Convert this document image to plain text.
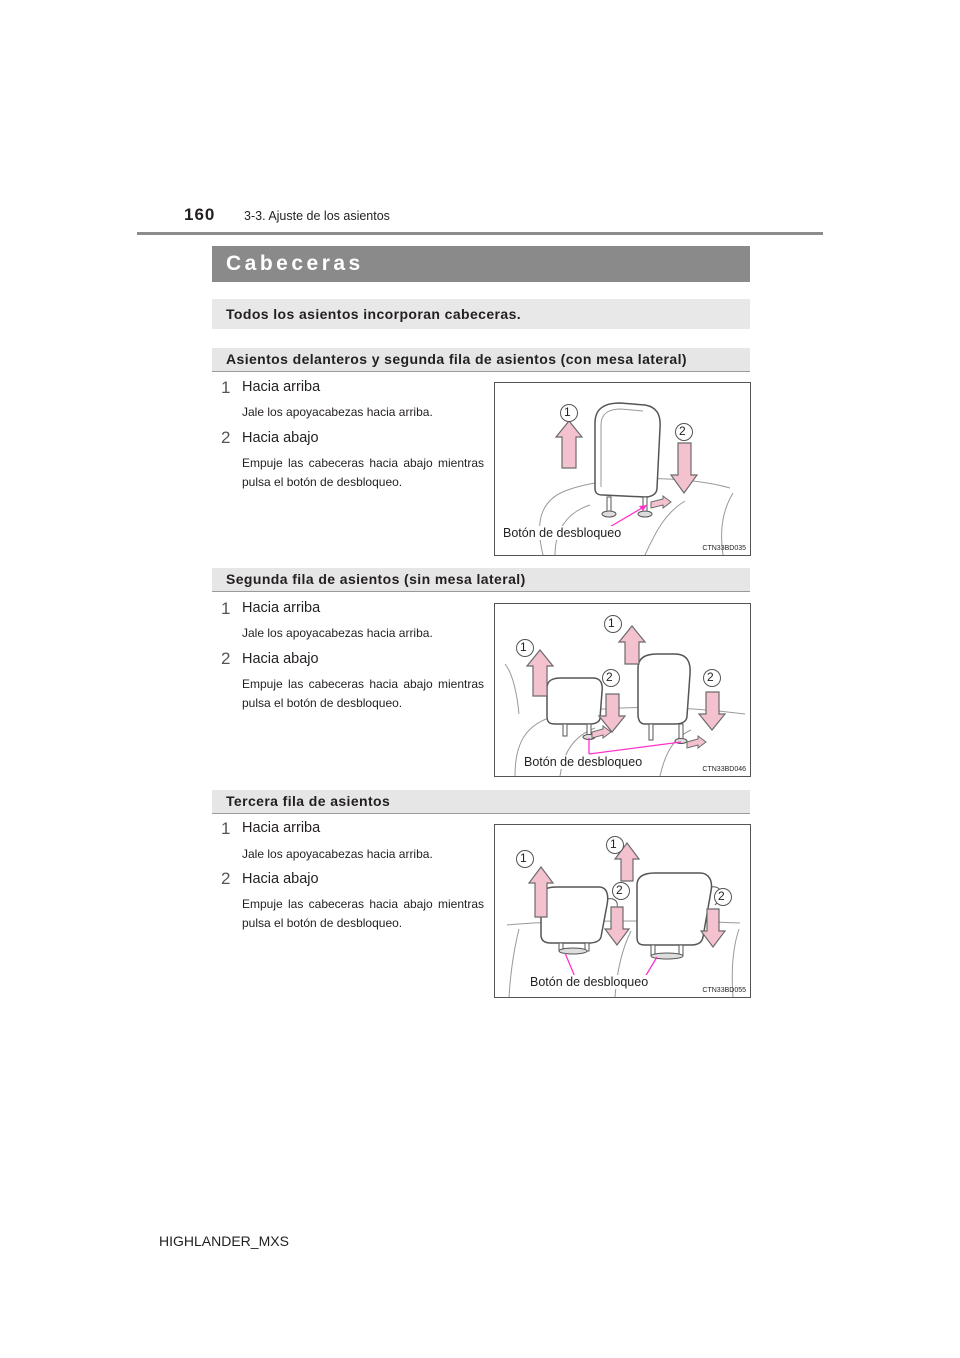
160 3-3. Ajuste de los asientos
Cabeceras
Todos los asientos incorporan cabeceras.
Asientos delanteros y segunda fila de asientos (con mesa lateral)
1 Hacia arriba
Jale los apoyacabezas hacia arriba.
2 Hacia abajo
Empuje las cabeceras hacia abajo mientras pulsa el botón de desbloqueo.
1
2
Botón de desbloqueo
CTN33BD035
Segunda fila de asientos (sin mesa lateral)
1 Hacia arriba
Jale los apoyacabezas hacia arriba.
2 Hacia abajo
Empuje las cabeceras hacia abajo mientras pulsa el botón de desbloqueo.
1
1
2	2
Botón de desbloqueo
CTN33BD046
Tercera fila de asientos
1 Hacia arriba
Jale los apoyacabezas hacia arriba.
2 Hacia abajo
Empuje las cabeceras hacia abajo mientras pulsa el botón de desbloqueo.
1
1
2	2
Botón de desbloqueo
CTN33BD055
HIGHLANDER_MXS
